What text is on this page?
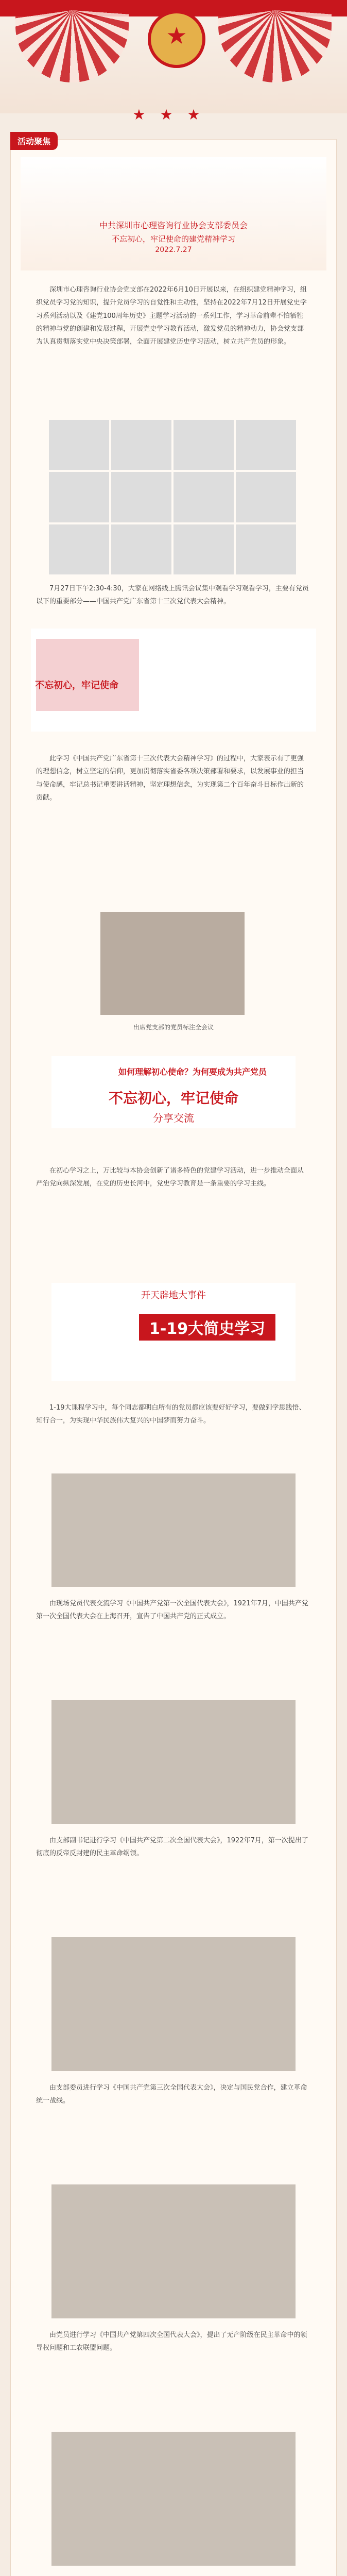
★
★★★
活动聚焦
中共深圳市心理咨询行业协会支部委员会
不忘初心，牢记使命的建党精神学习
2022.7.27
深圳市心理咨询行业协会党支部在2022年6月10日开展以来，在组织建党精神学习，组织党员学习党的知识，提升党员学习的自觉性和主动性，坚持在2022年7月12日开展党史学习系列活动以及《建党100周年历史》主题学习活动的一系列工作，学习革命前辈不怕牺牲的精神与党的创建和发展过程，开展党史学习教育活动，激发党员的精神动力，协会党支部为认真贯彻落实党中央决策部署，全面开展建党历史学习活动，树立共产党员的形象。
7月27日下午2:30-4:30，大家在网络线上腾讯会议集中观看学习观看学习，主要有党员以下的重要部分——中国共产党广东省第十三次党代表大会精神。
不忘初心，牢记使命
此学习《中国共产党广东省第十三次代表大会精神学习》的过程中，大家表示有了更强的理想信念，树立坚定的信仰，更加贯彻落实省委各项决策部署和要求，以发展事业的担当与使命感，牢记总书记重要讲话精神，坚定理想信念，为实现第二个百年奋斗目标作出新的贡献。
出席党支部的党员标注全会议
如何理解初心使命？为何要成为共产党员
不忘初心，牢记使命
分享交流
在初心学习之上，万比较与本协会创新了诸多特色的党建学习活动，进一步推动全面从严治党向纵深发展，在党的历史长河中，党史学习教育是一条重要的学习主线。
开天辟地大事件
1-19大简史学习
1-19大课程学习中，每个同志都明白所有的党员都应该要好好学习，要做到学思践悟、知行合一，为实现中华民族伟大复兴的中国梦而努力奋斗。
由现场党员代表交流学习《中国共产党第一次全国代表大会》，1921年7月，中国共产党第一次全国代表大会在上海召开，宣告了中国共产党的正式成立。
由支部副书记进行学习《中国共产党第二次全国代表大会》，1922年7月，第一次提出了彻底的反帝反封建的民主革命纲领。
由支部委员进行学习《中国共产党第三次全国代表大会》，决定与国民党合作，建立革命统一战线。
由党员进行学习《中国共产党第四次全国代表大会》，提出了无产阶级在民主革命中的领导权问题和工农联盟问题。
